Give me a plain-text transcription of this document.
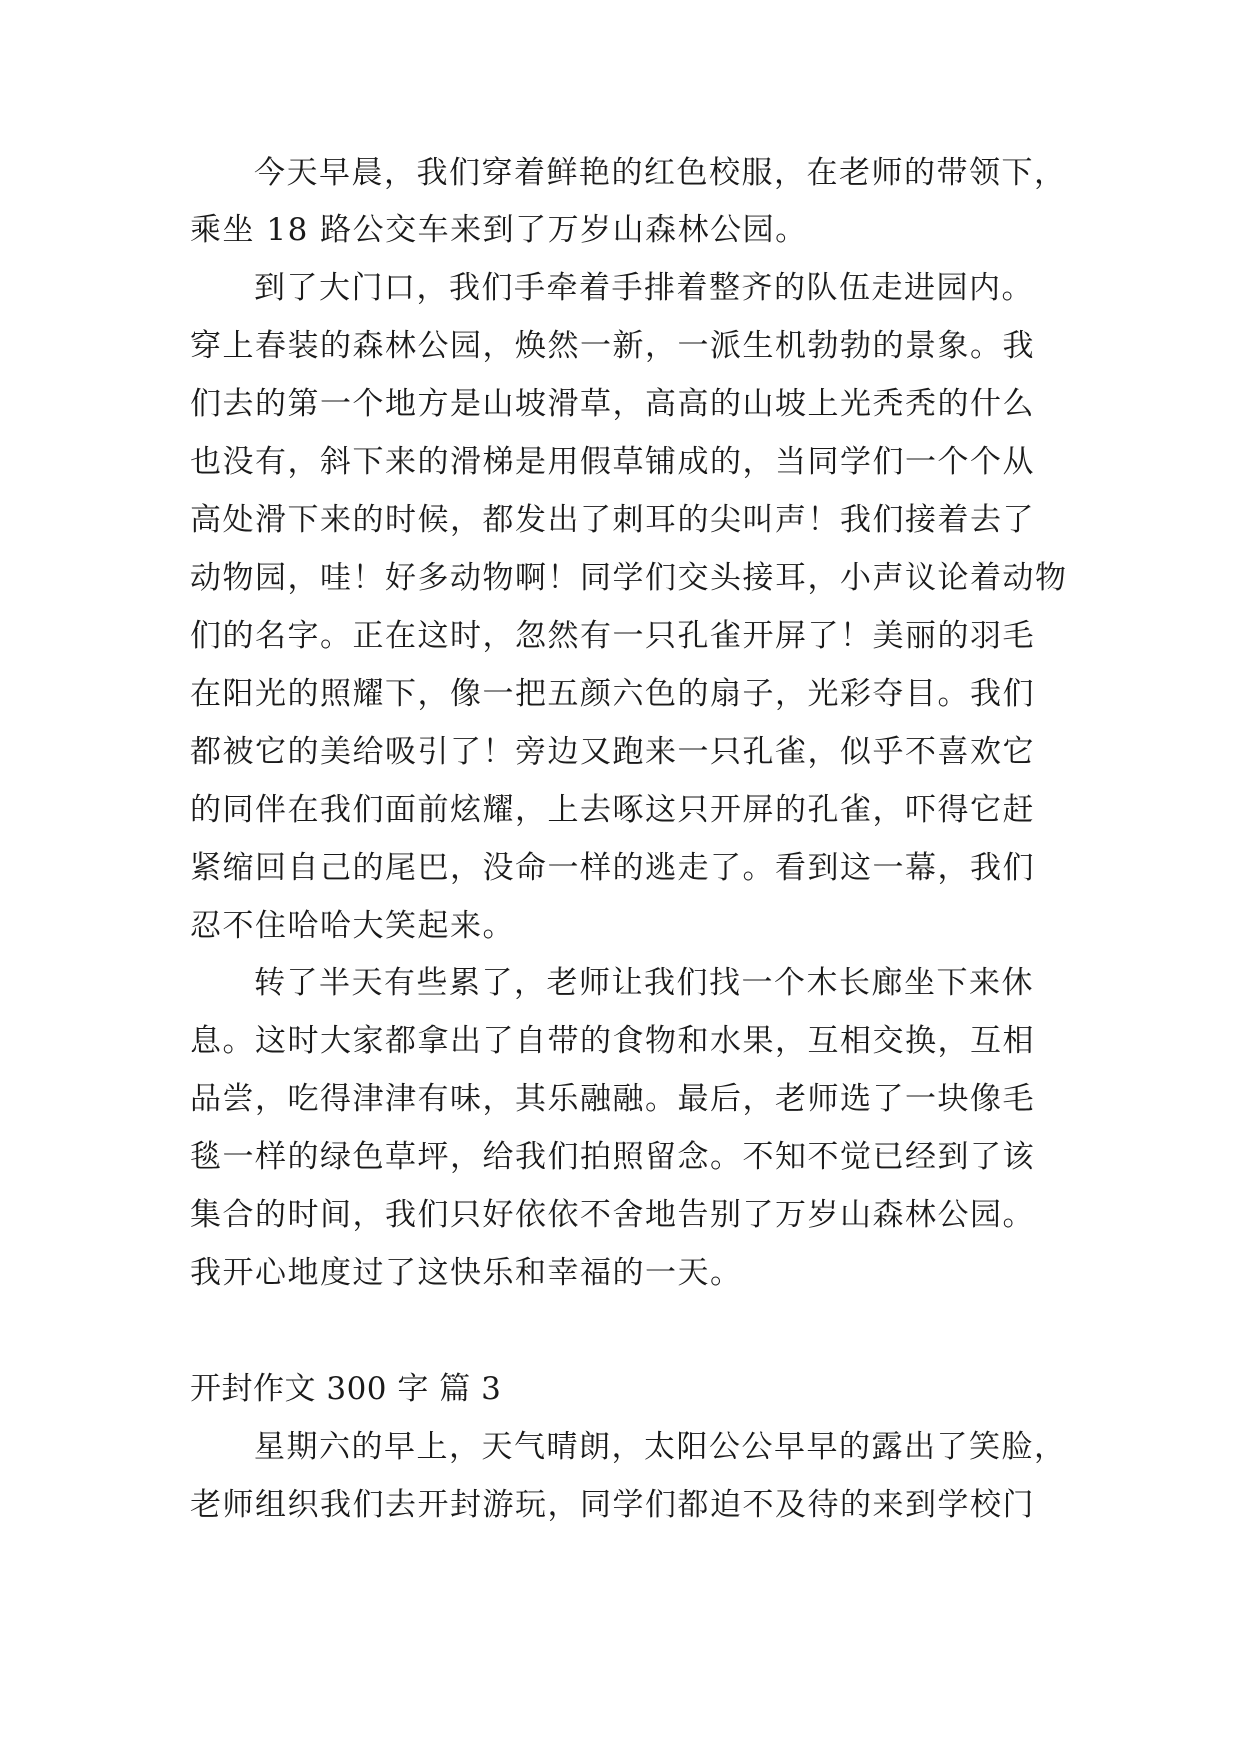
今天早晨，我们穿着鲜艳的红色校服，在老师的带领下，
乘坐 18 路公交车来到了万岁山森林公园。
到了大门口，我们手牵着手排着整齐的队伍走进园内。
穿上春装的森林公园，焕然一新，一派生机勃勃的景象。我
们去的第一个地方是山坡滑草，高高的山坡上光秃秃的什么
也没有，斜下来的滑梯是用假草铺成的，当同学们一个个从
高处滑下来的时候，都发出了刺耳的尖叫声！我们接着去了
动物园，哇！好多动物啊！同学们交头接耳，小声议论着动物
们的名字。正在这时，忽然有一只孔雀开屏了！美丽的羽毛
在阳光的照耀下，像一把五颜六色的扇子，光彩夺目。我们
都被它的美给吸引了！旁边又跑来一只孔雀，似乎不喜欢它
的同伴在我们面前炫耀，上去啄这只开屏的孔雀，吓得它赶
紧缩回自己的尾巴，没命一样的逃走了。看到这一幕，我们
忍不住哈哈大笑起来。
转了半天有些累了，老师让我们找一个木长廊坐下来休
息。这时大家都拿出了自带的食物和水果，互相交换，互相
品尝，吃得津津有味，其乐融融。最后，老师选了一块像毛
毯一样的绿色草坪，给我们拍照留念。不知不觉已经到了该
集合的时间，我们只好依依不舍地告别了万岁山森林公园。
我开心地度过了这快乐和幸福的一天。
开封作文 300 字 篇 3
星期六的早上，天气晴朗，太阳公公早早的露出了笑脸，
老师组织我们去开封游玩，同学们都迫不及待的来到学校门
